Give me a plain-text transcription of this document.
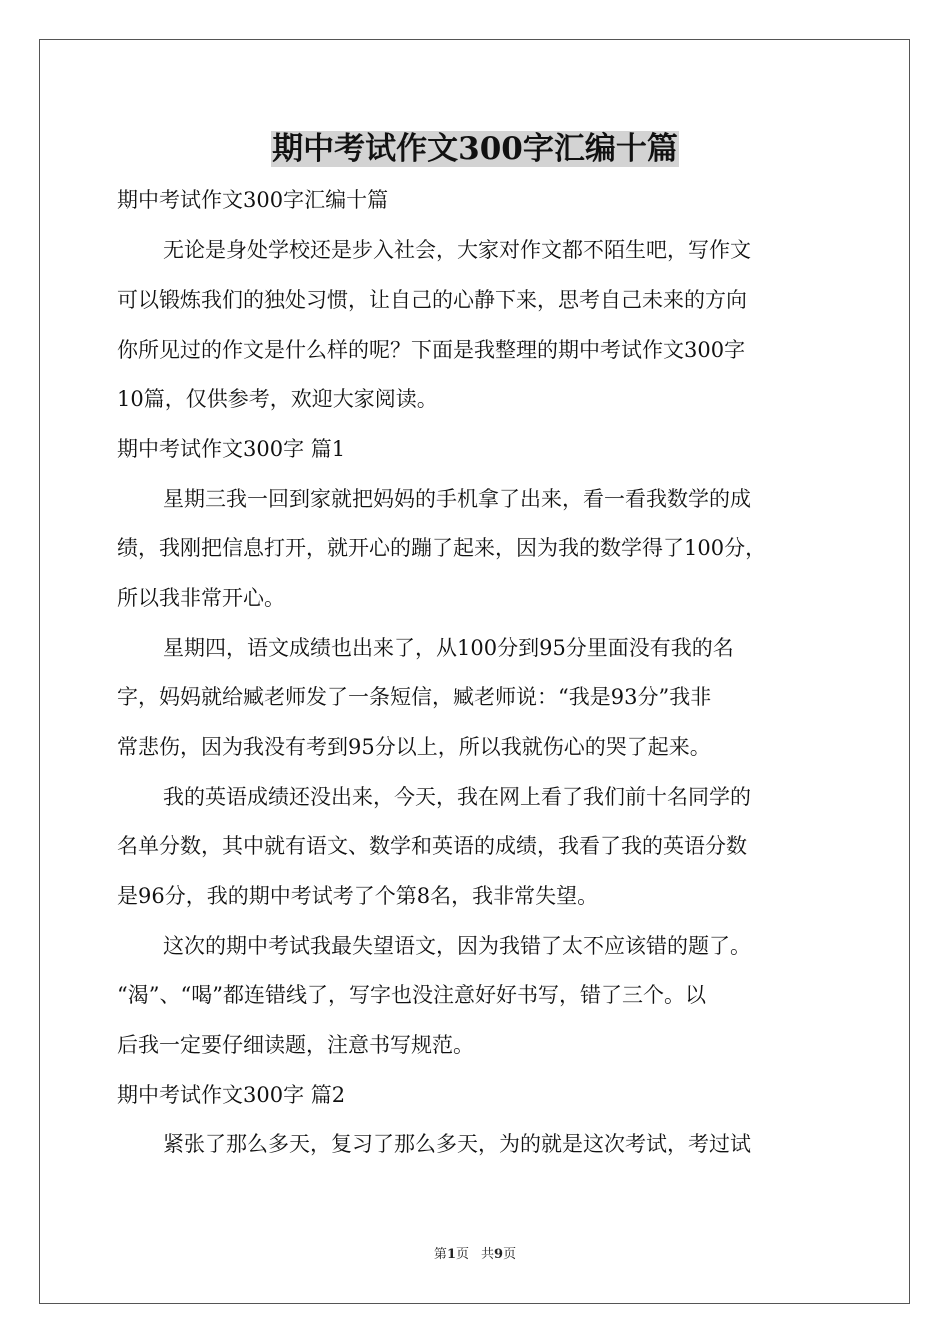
期中考试作文300字汇编十篇
期中考试作文300字汇编十篇
无论是身处学校还是步入社会，大家对作文都不陌生吧，写作文
可以锻炼我们的独处习惯，让自己的心静下来，思考自己未来的方向
你所见过的作文是什么样的呢？下面是我整理的期中考试作文300字
10篇，仅供参考，欢迎大家阅读。
期中考试作文300字 篇1
星期三我一回到家就把妈妈的手机拿了出来，看一看我数学的成
绩，我刚把信息打开，就开心的蹦了起来，因为我的数学得了100分，
所以我非常开心。
星期四，语文成绩也出来了，从100分到95分里面没有我的名
字，妈妈就给臧老师发了一条短信，臧老师说：“我是93分”我非
常悲伤，因为我没有考到95分以上，所以我就伤心的哭了起来。
我的英语成绩还没出来，今天，我在网上看了我们前十名同学的
名单分数，其中就有语文、数学和英语的成绩，我看了我的英语分数
是96分，我的期中考试考了个第8名，我非常失望。
这次的期中考试我最失望语文，因为我错了太不应该错的题了。
“渴”、“喝”都连错线了，写字也没注意好好书写，错了三个。以
后我一定要仔细读题，注意书写规范。
期中考试作文300字 篇2
紧张了那么多天，复习了那么多天，为的就是这次考试，考过试
第1页 共9页
